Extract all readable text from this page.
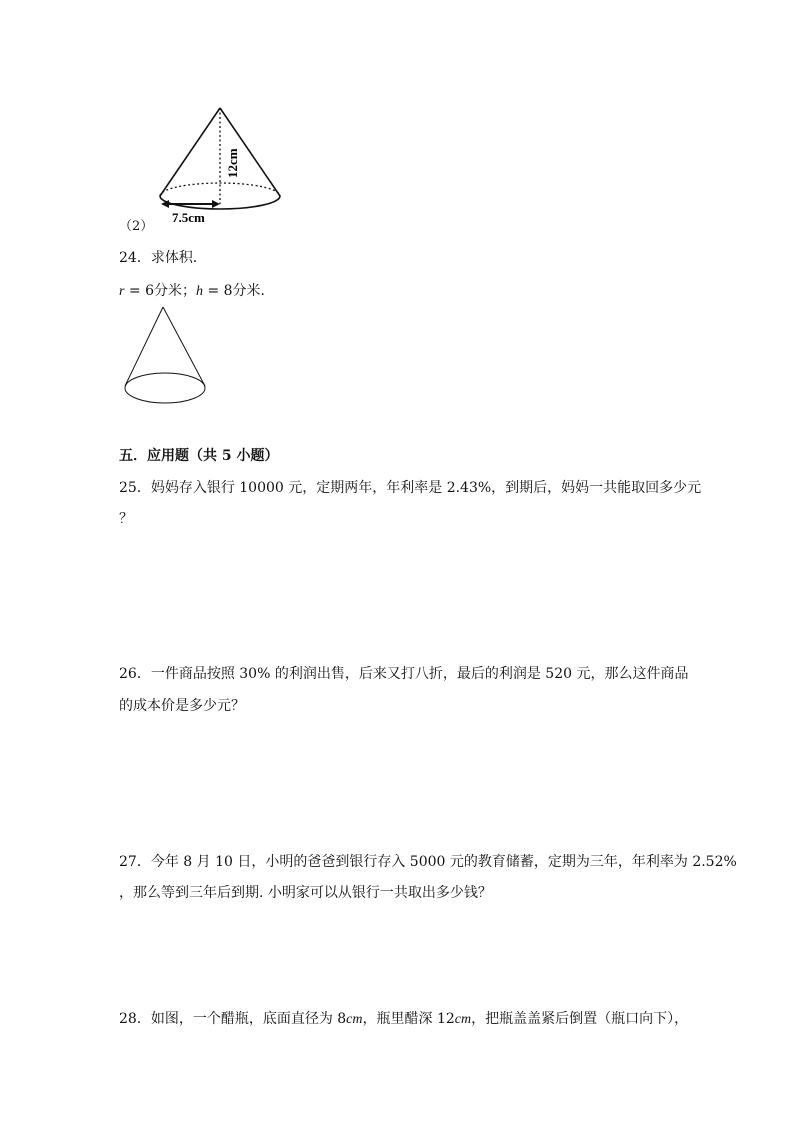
12cm
7.5cm
（2）
24．求体积．
r = 6分米；h = 8分米．
五．应用题（共 5 小题）
25．妈妈存入银行 10000 元，定期两年，年利率是 2.43%，到期后，妈妈一共能取回多少元
？
26．一件商品按照 30% 的利润出售，后来又打八折，最后的利润是 520 元，那么这件商品
的成本价是多少元？
27．今年 8 月 10 日，小明的爸爸到银行存入 5000 元的教育储蓄，定期为三年，年利率为 2.52%
，那么等到三年后到期. 小明家可以从银行一共取出多少钱？
28．如图，一个醋瓶，底面直径为 8cm，瓶里醋深 12cm，把瓶盖盖紧后倒置（瓶口向下），
